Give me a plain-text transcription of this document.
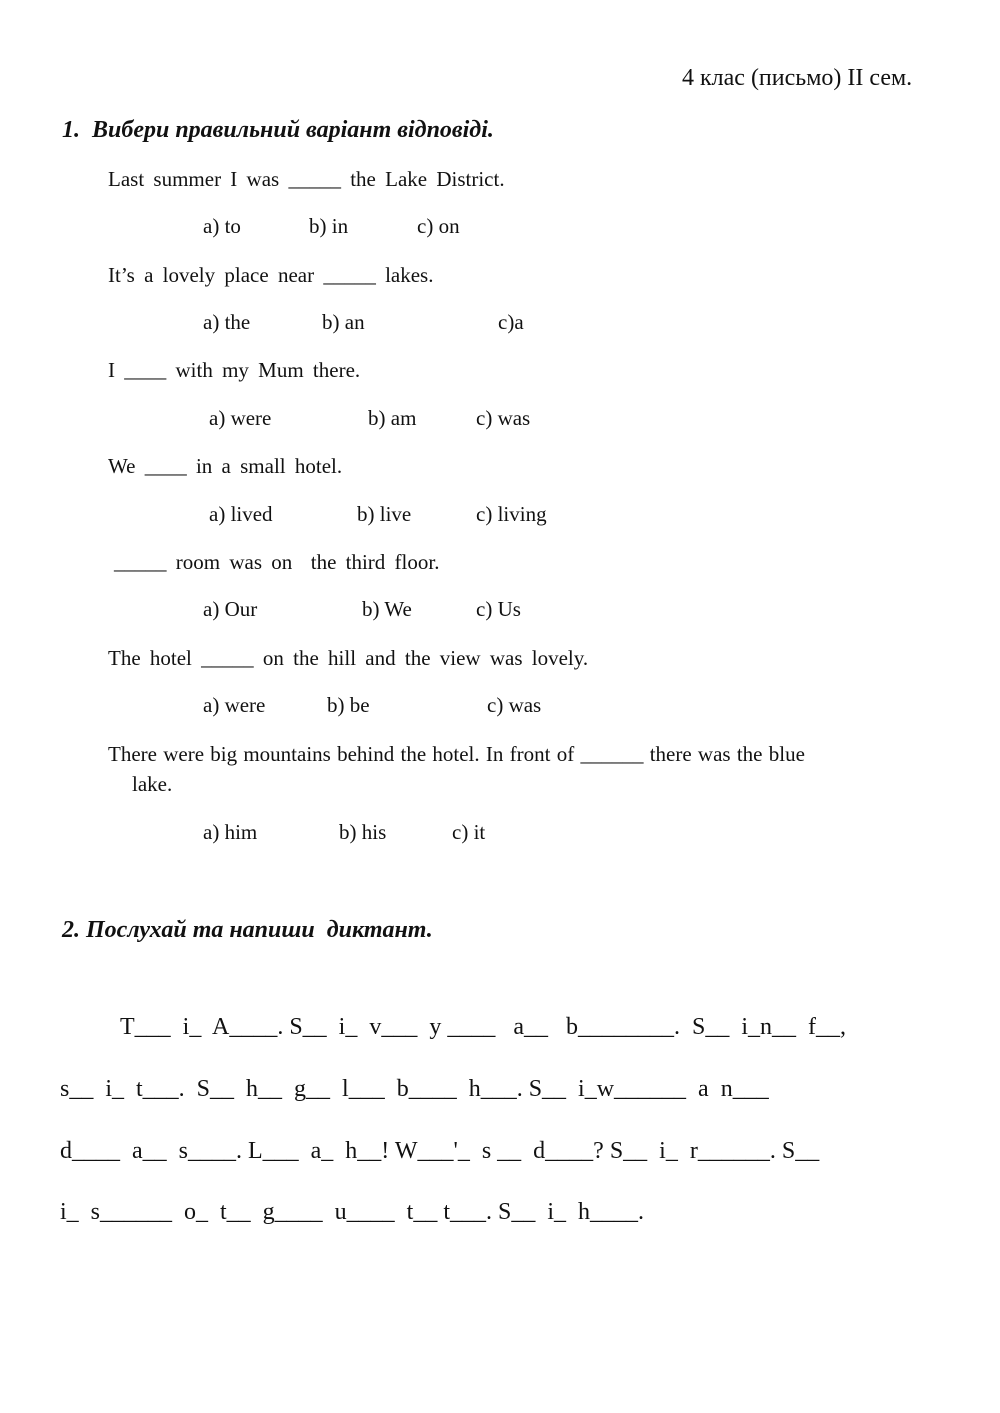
4 клас (письмо) II сем.
1.  Вибери правильний варіант відповіді.
Last summer I was _____ the Lake District.
a) to	b) in	c) on
It’s a lovely place near _____ lakes.
a) the	b) an	c)a
I ____ with my Mum there.
a) were	b) am	c) was
We ____ in a small hotel.
a) lived	b) live	c) living
_____ room was on  the third floor.
a) Our	b) We	c) Us
The hotel _____ on the hill and the view was lovely.
a) were	b) be	c) was
There were big mountains behind the hotel. In front of ______ there was the blue
lake.
a) him	b) his	c) it
2. Послухай та напиши  диктант.
T___  i_  A____. S__  i_  v___  y ____   a__   b________.  S__  i_n__  f__,
s__  i_  t___.  S__  h__  g__  l___  b____  h___. S__  i_w______  a  n___
d____  a__  s____. L___  a_  h__! W___'_  s __  d____? S__  i_  r______. S__
i_  s______  o_  t__  g____  u____  t__ t___. S__  i_  h____.
